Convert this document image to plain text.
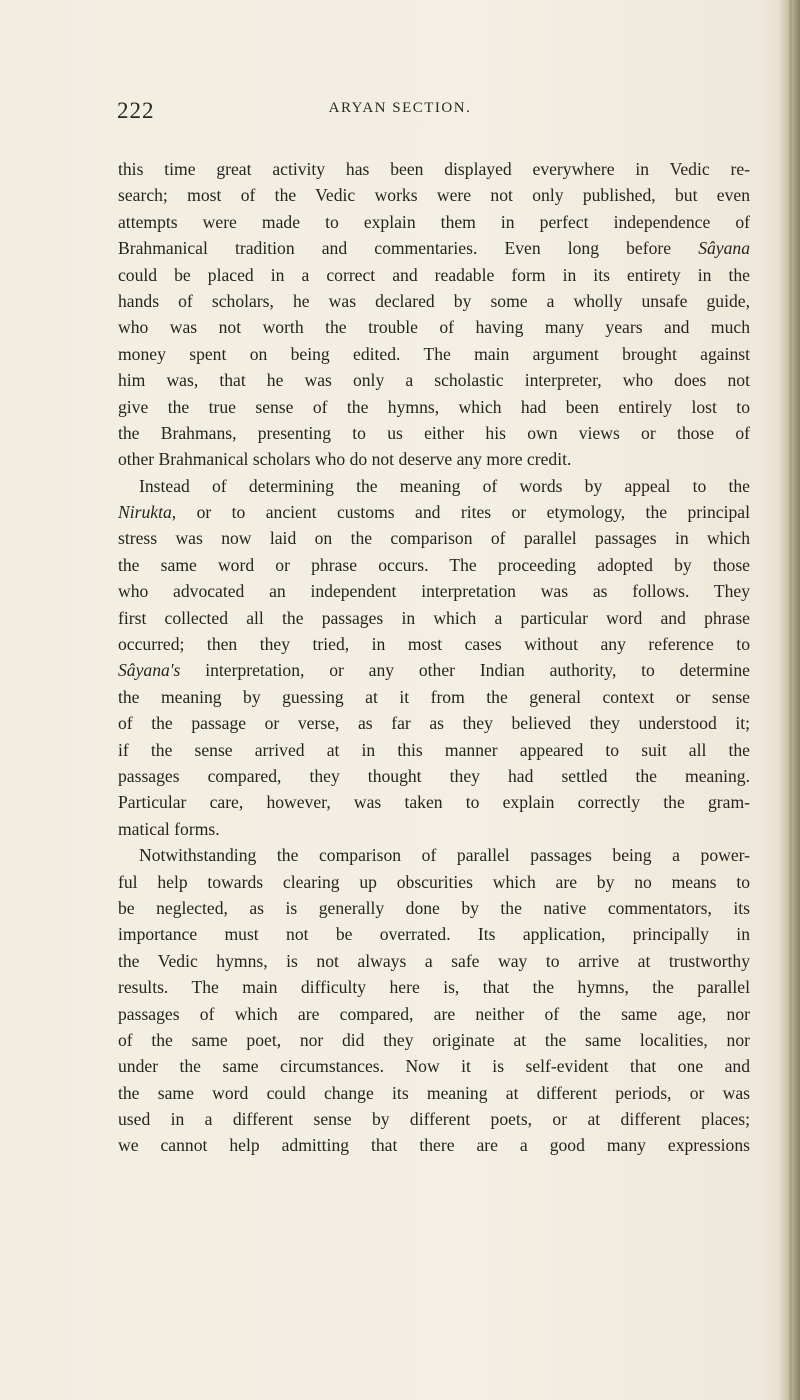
222	ARYAN SECTION.
this time great activity has been displayed everywhere in Vedic re-
search; most of the Vedic works were not only published, but even
attempts were made to explain them in perfect independence of
Brahmanical tradition and commentaries. Even long before Sâyana
could be placed in a correct and readable form in its entirety in the
hands of scholars, he was declared by some a wholly unsafe guide,
who was not worth the trouble of having many years and much
money spent on being edited. The main argument brought against
him was, that he was only a scholastic interpreter, who does not
give the true sense of the hymns, which had been entirely lost to
the Brahmans, presenting to us either his own views or those of
other Brahmanical scholars who do not deserve any more credit.
Instead of determining the meaning of words by appeal to the
Nirukta, or to ancient customs and rites or etymology, the principal
stress was now laid on the comparison of parallel passages in which
the same word or phrase occurs. The proceeding adopted by those
who advocated an independent interpretation was as follows. They
first collected all the passages in which a particular word and phrase
occurred; then they tried, in most cases without any reference to
Sâyana's interpretation, or any other Indian authority, to determine
the meaning by guessing at it from the general context or sense
of the passage or verse, as far as they believed they understood it;
if the sense arrived at in this manner appeared to suit all the
passages compared, they thought they had settled the meaning.
Particular care, however, was taken to explain correctly the gram-
matical forms.
Notwithstanding the comparison of parallel passages being a power-
ful help towards clearing up obscurities which are by no means to
be neglected, as is generally done by the native commentators, its
importance must not be overrated. Its application, principally in
the Vedic hymns, is not always a safe way to arrive at trustworthy
results. The main difficulty here is, that the hymns, the parallel
passages of which are compared, are neither of the same age, nor
of the same poet, nor did they originate at the same localities, nor
under the same circumstances. Now it is self-evident that one and
the same word could change its meaning at different periods, or was
used in a different sense by different poets, or at different places;
we cannot help admitting that there are a good many expressions
